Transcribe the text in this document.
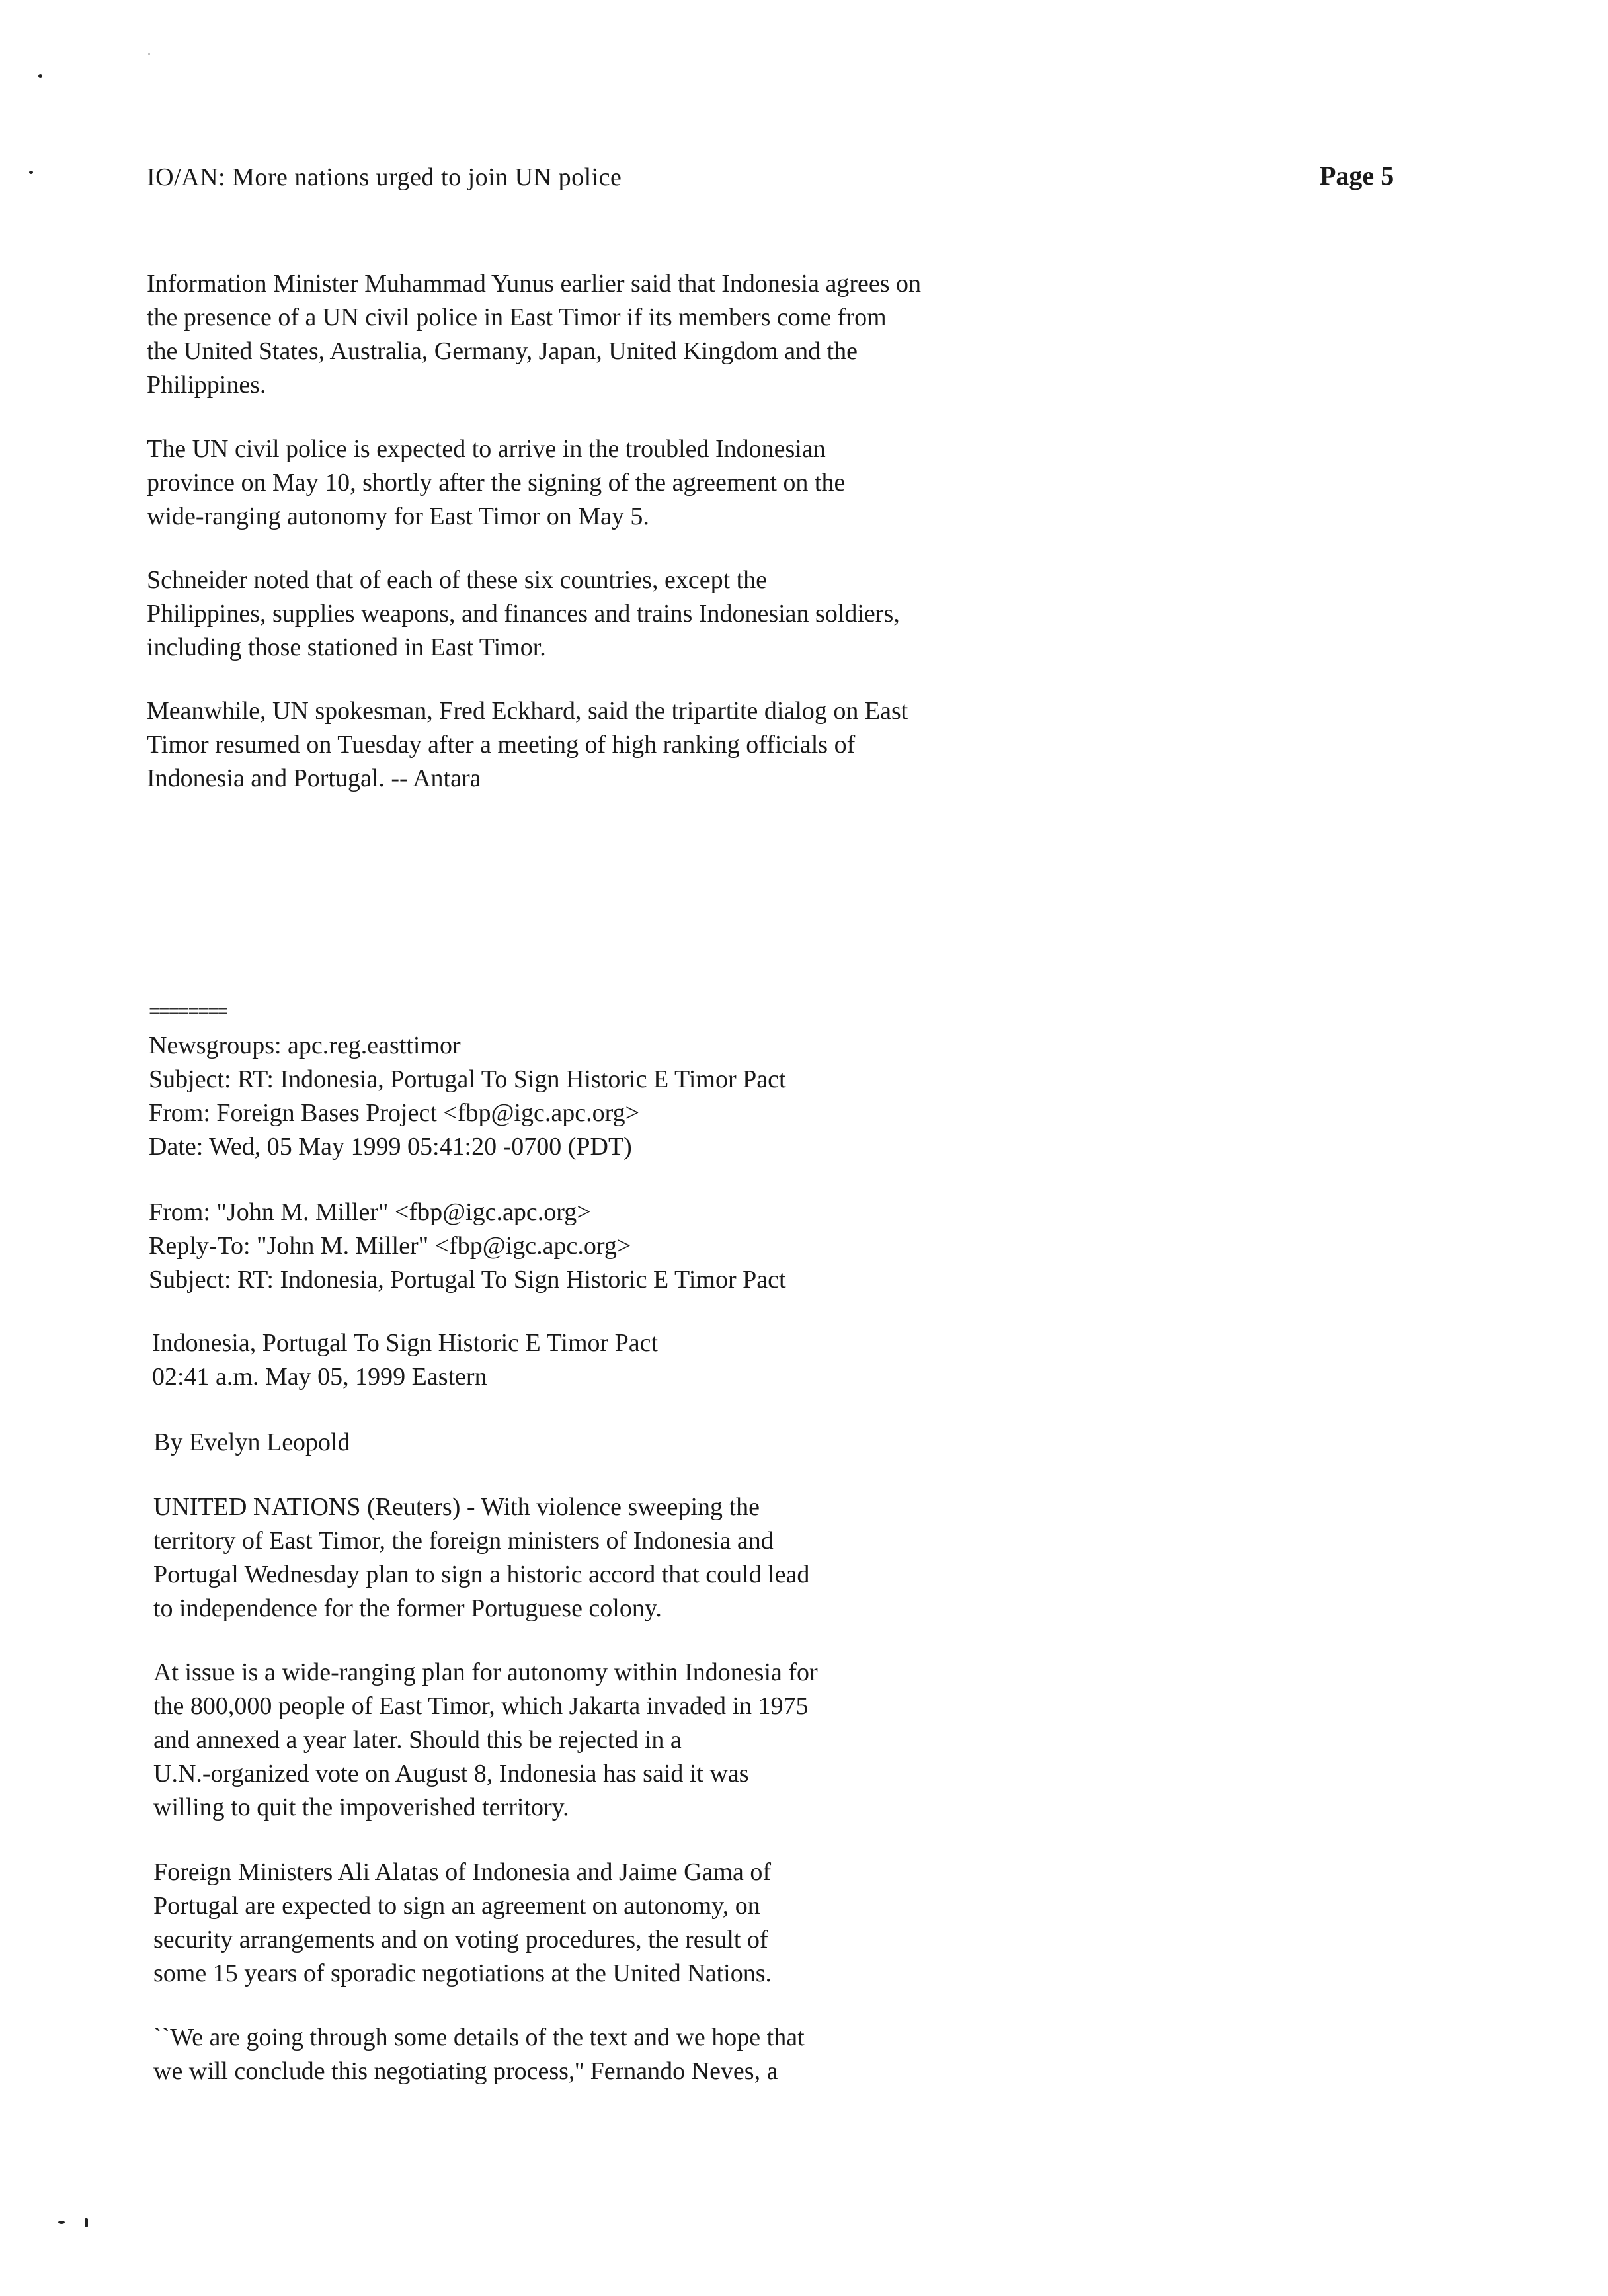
IO/AN: More nations urged to join UN police	Page 5
Information Minister Muhammad Yunus earlier said that Indonesia agrees on
the presence of a UN civil police in East Timor if its members come from
the United States, Australia, Germany, Japan, United Kingdom and the
Philippines.
The UN civil police is expected to arrive in the troubled Indonesian
province on May 10, shortly after the signing of the agreement on the
wide-ranging autonomy for East Timor on May 5.
Schneider noted that of each of these six countries, except the
Philippines, supplies weapons, and finances and trains Indonesian soldiers,
including those stationed in East Timor.
Meanwhile, UN spokesman, Fred Eckhard, said the tripartite dialog on East
Timor resumed on Tuesday after a meeting of high ranking officials of
Indonesia and Portugal. -- Antara
========
Newsgroups: apc.reg.easttimor
Subject: RT: Indonesia, Portugal To Sign Historic E Timor Pact
From: Foreign Bases Project <fbp@igc.apc.org>
Date: Wed, 05 May 1999 05:41:20 -0700 (PDT)
From: "John M. Miller" <fbp@igc.apc.org>
Reply-To: "John M. Miller" <fbp@igc.apc.org>
Subject: RT: Indonesia, Portugal To Sign Historic E Timor Pact
Indonesia, Portugal To Sign Historic E Timor Pact
02:41 a.m. May 05, 1999 Eastern
By Evelyn Leopold
UNITED NATIONS (Reuters) - With violence sweeping the
territory of East Timor, the foreign ministers of Indonesia and
Portugal Wednesday plan to sign a historic accord that could lead
to independence for the former Portuguese colony.
At issue is a wide-ranging plan for autonomy within Indonesia for
the 800,000 people of East Timor, which Jakarta invaded in 1975
and annexed a year later. Should this be rejected in a
U.N.-organized vote on August 8, Indonesia has said it was
willing to quit the impoverished territory.
Foreign Ministers Ali Alatas of Indonesia and Jaime Gama of
Portugal are expected to sign an agreement on autonomy, on
security arrangements and on voting procedures, the result of
some 15 years of sporadic negotiations at the United Nations.
``We are going through some details of the text and we hope that
we will conclude this negotiating process,'' Fernando Neves, a
